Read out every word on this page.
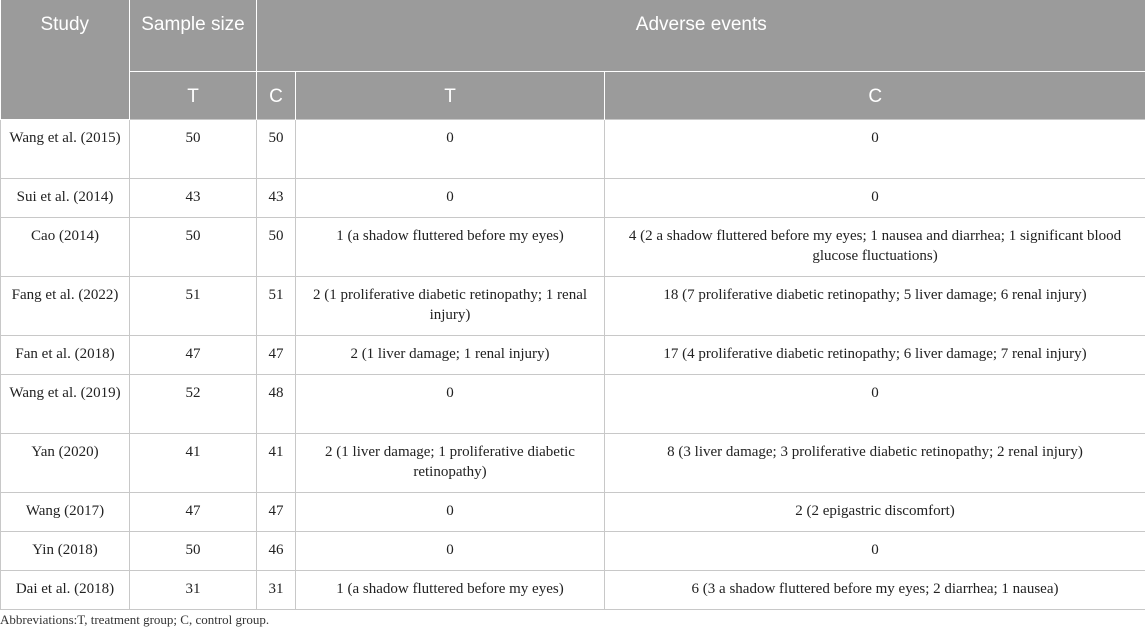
Study	Sample size	Adverse events		
	T	C	T	C
Wang et al. (2015)	50	50	0	0
Sui et al. (2014)	43	43	0	0
Cao (2014)	50	50	1 (a shadow fluttered before my eyes)	4 (2 a shadow fluttered before my eyes; 1 nausea and diarrhea; 1 significant blood glucose fluctuations)
Fang et al. (2022)	51	51	2 (1 proliferative diabetic retinopathy; 1 renal injury)	18 (7 proliferative diabetic retinopathy; 5 liver damage; 6 renal injury)
Fan et al. (2018)	47	47	2 (1 liver damage; 1 renal injury)	17 (4 proliferative diabetic retinopathy; 6 liver damage; 7 renal injury)
Wang et al. (2019)	52	48	0	0
Yan (2020)	41	41	2 (1 liver damage; 1 proliferative diabetic retinopathy)	8 (3 liver damage; 3 proliferative diabetic retinopathy; 2 renal injury)
Wang (2017)	47	47	0	2 (2 epigastric discomfort)
Yin (2018)	50	46	0	0
Dai et al. (2018)	31	31	1 (a shadow fluttered before my eyes)	6 (3 a shadow fluttered before my eyes; 2 diarrhea; 1 nausea)
Abbreviations:T, treatment group; C, control group.
